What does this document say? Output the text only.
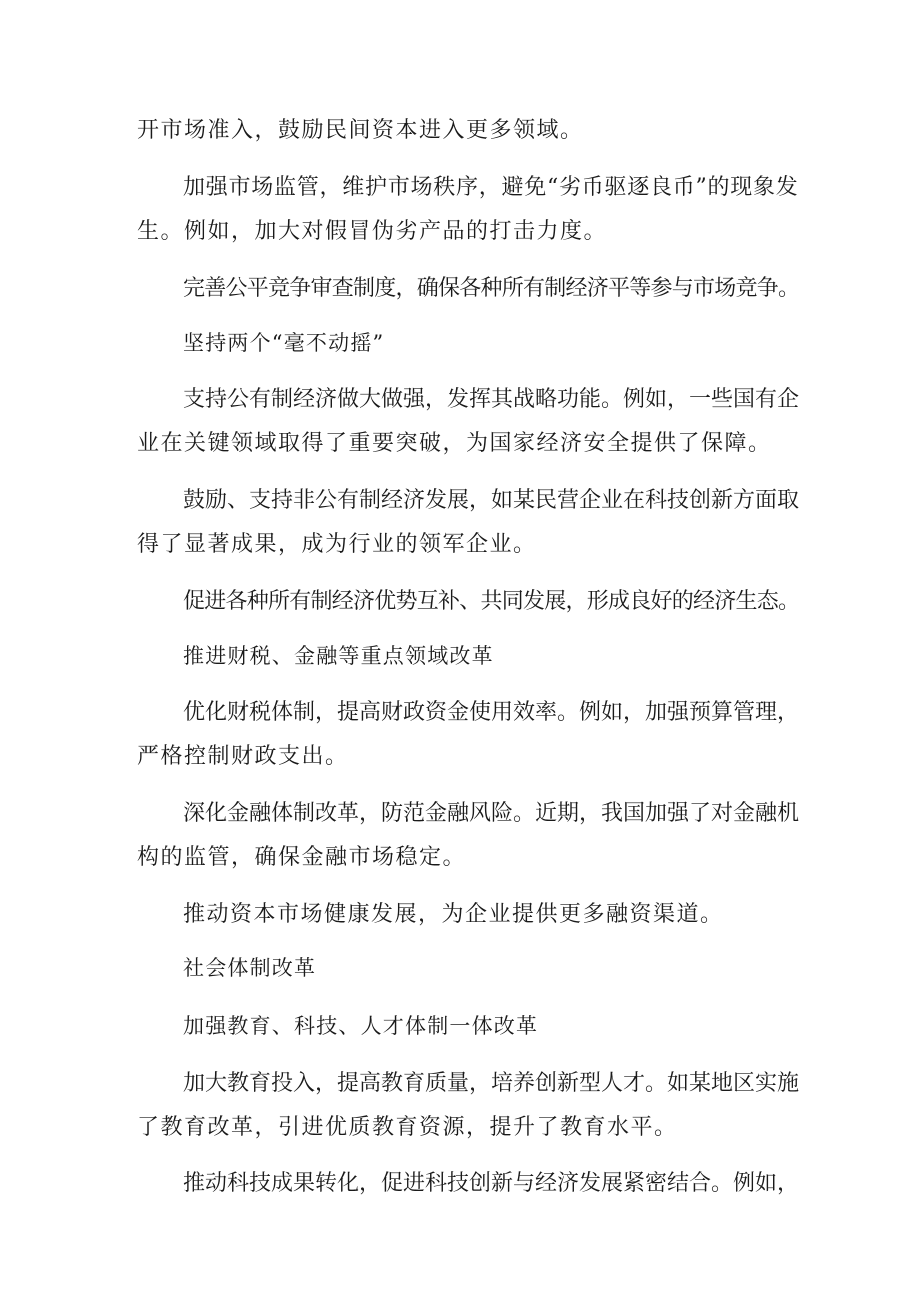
开市场准入，鼓励民间资本进入更多领域。
加强市场监管，维护市场秩序，避免“劣币驱逐良币”的现象发
生。例如，加大对假冒伪劣产品的打击力度。
完善公平竞争审查制度，确保各种所有制经济平等参与市场竞争。
坚持两个“毫不动摇”
支持公有制经济做大做强，发挥其战略功能。例如，一些国有企
业在关键领域取得了重要突破，为国家经济安全提供了保障。
鼓励、支持非公有制经济发展，如某民营企业在科技创新方面取
得了显著成果，成为行业的领军企业。
促进各种所有制经济优势互补、共同发展，形成良好的经济生态。
推进财税、金融等重点领域改革
优化财税体制，提高财政资金使用效率。例如，加强预算管理，
严格控制财政支出。
深化金融体制改革，防范金融风险。近期，我国加强了对金融机
构的监管，确保金融市场稳定。
推动资本市场健康发展，为企业提供更多融资渠道。
社会体制改革
加强教育、科技、人才体制一体改革
加大教育投入，提高教育质量，培养创新型人才。如某地区实施
了教育改革，引进优质教育资源，提升了教育水平。
推动科技成果转化，促进科技创新与经济发展紧密结合。例如，
